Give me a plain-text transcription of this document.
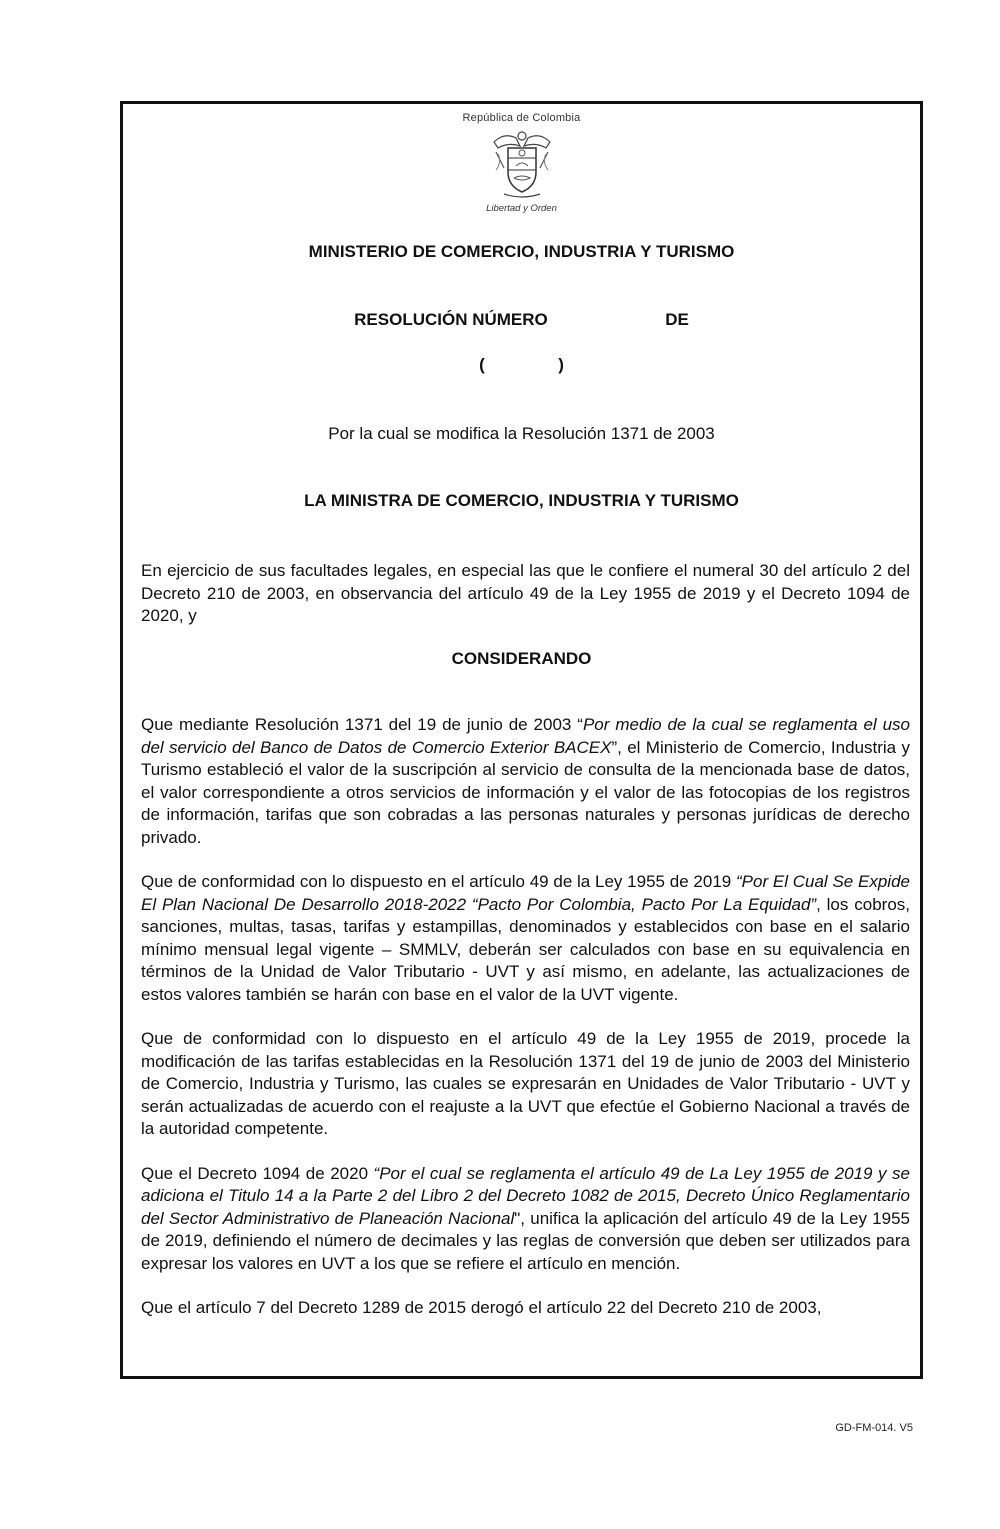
República de Colombia
Libertad y Orden
MINISTERIO DE COMERCIO, INDUSTRIA Y TURISMO
RESOLUCIÓN NÚMERO	DE
(	)
Por la cual se modifica la Resolución 1371 de 2003
LA MINISTRA DE COMERCIO, INDUSTRIA Y TURISMO

En ejercicio de sus facultades legales, en especial las que le confiere el numeral 30 del artículo 2 del Decreto 210 de 2003, en observancia del artículo 49 de la Ley 1955 de 2019 y el Decreto 1094 de 2020, y

CONSIDERANDO

Que mediante Resolución 1371 del 19 de junio de 2003 “Por medio de la cual se reglamenta el uso del servicio del Banco de Datos de Comercio Exterior BACEX”, el Ministerio de Comercio, Industria y Turismo estableció el valor de la suscripción al servicio de consulta de la mencionada base de datos, el valor correspondiente a otros servicios de información y el valor de las fotocopias de los registros de información, tarifas que son cobradas a las personas naturales y personas jurídicas de derecho privado.

Que de conformidad con lo dispuesto en el artículo 49 de la Ley 1955 de 2019 “Por El Cual Se Expide El Plan Nacional De Desarrollo 2018-2022 “Pacto Por Colombia, Pacto Por La Equidad”, los cobros, sanciones, multas, tasas, tarifas y estampillas, denominados y establecidos con base en el salario mínimo mensual legal vigente – SMMLV, deberán ser calculados con base en su equivalencia en términos de la Unidad de Valor Tributario - UVT y así mismo, en adelante, las actualizaciones de estos valores también se harán con base en el valor de la UVT vigente.

Que de conformidad con lo dispuesto en el artículo 49 de la Ley 1955 de 2019, procede la modificación de las tarifas establecidas en la Resolución 1371 del 19 de junio de 2003 del Ministerio de Comercio, Industria y Turismo, las cuales se expresarán en Unidades de Valor Tributario - UVT y serán actualizadas de acuerdo con el reajuste a la UVT que efectúe el Gobierno Nacional a través de la autoridad competente.

Que el Decreto 1094 de 2020 “Por el cual se reglamenta el artículo 49 de La Ley 1955 de 2019 y se adiciona el Titulo 14 a la Parte 2 del Libro 2 del Decreto 1082 de 2015, Decreto Único Reglamentario del Sector Administrativo de Planeación Nacional", unifica la aplicación del artículo 49 de la Ley 1955 de 2019, definiendo el número de decimales y las reglas de conversión que deben ser utilizados para expresar los valores en UVT a los que se refiere el artículo en mención.

Que el artículo 7 del Decreto 1289 de 2015 derogó el artículo 22 del Decreto 210 de 2003,

GD-FM-014. V5
